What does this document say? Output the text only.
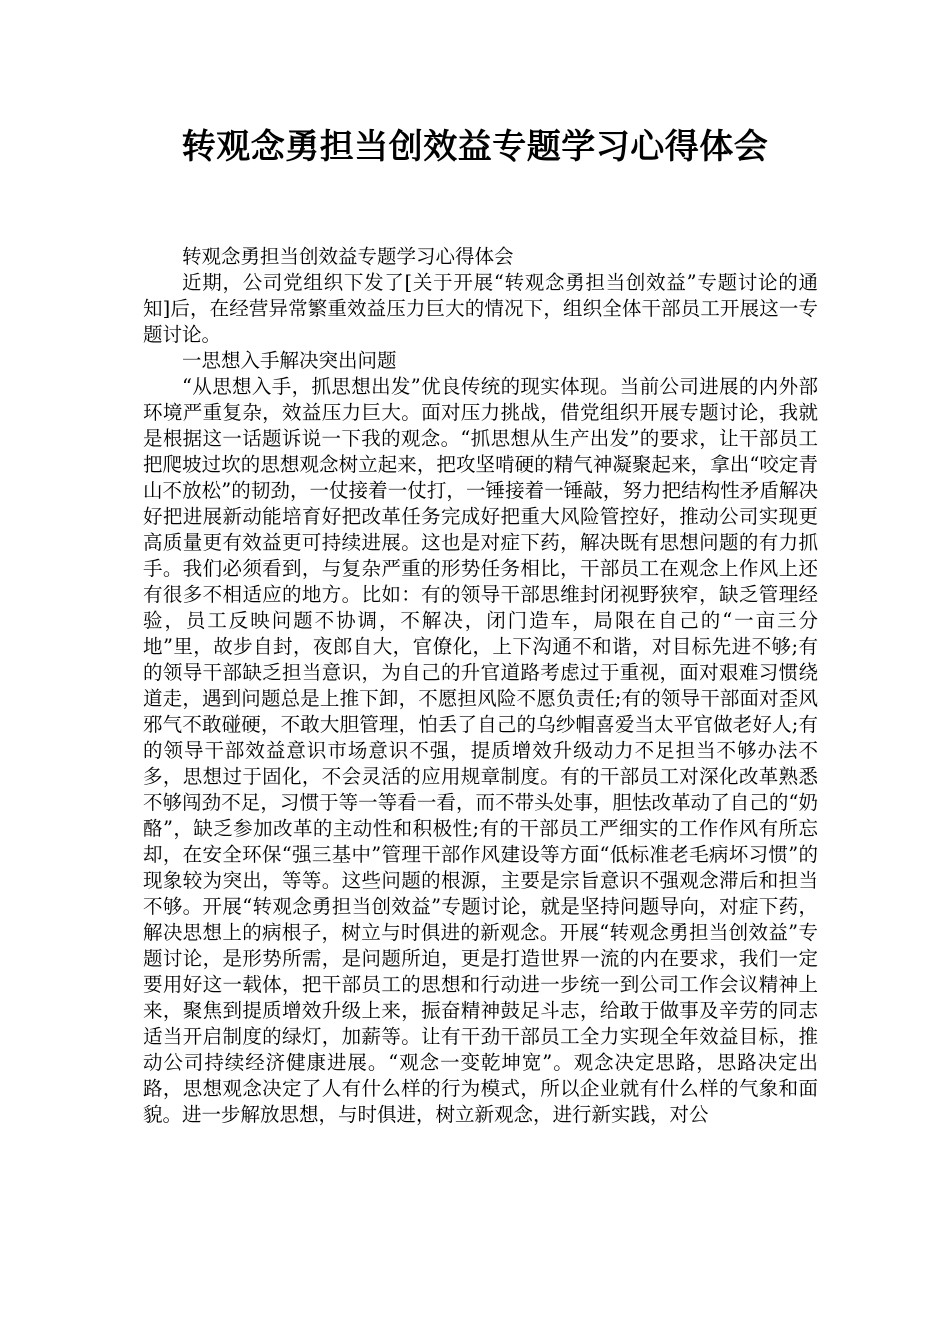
转观念勇担当创效益专题学习心得体会

转观念勇担当创效益专题学习心得体会

近期，公司党组织下发了[关于开展“转观念勇担当创效益”专题讨论的通知]后，在经营异常繁重效益压力巨大的情况下，组织全体干部员工开展这一专题讨论。

一思想入手解决突出问题

“从思想入手，抓思想出发”优良传统的现实体现。当前公司进展的内外部环境严重复杂，效益压力巨大。面对压力挑战，借党组织开展专题讨论，我就是根据这一话题诉说一下我的观念。“抓思想从生产出发”的要求，让干部员工把爬坡过坎的思想观念树立起来，把攻坚啃硬的精气神凝聚起来，拿出“咬定青山不放松”的韧劲，一仗接着一仗打，一锤接着一锤敲，努力把结构性矛盾解决好把进展新动能培育好把改革任务完成好把重大风险管控好，推动公司实现更高质量更有效益更可持续进展。这也是对症下药，解决既有思想问题的有力抓手。我们必须看到，与复杂严重的形势任务相比，干部员工在观念上作风上还有很多不相适应的地方。比如：有的领导干部思维封闭视野狭窄，缺乏管理经验，员工反映问题不协调，不解决，闭门造车，局限在自己的“一亩三分地”里，故步自封，夜郎自大，官僚化，上下沟通不和谐，对目标先进不够;有的领导干部缺乏担当意识，为自己的升官道路考虑过于重视，面对艰难习惯绕道走，遇到问题总是上推下卸，不愿担风险不愿负责任;有的领导干部面对歪风邪气不敢碰硬，不敢大胆管理，怕丢了自己的乌纱帽喜爱当太平官做老好人;有的领导干部效益意识市场意识不强，提质增效升级动力不足担当不够办法不多，思想过于固化，不会灵活的应用规章制度。有的干部员工对深化改革熟悉不够闯劲不足，习惯于等一等看一看，而不带头处事，胆怯改革动了自己的“奶酪”，缺乏参加改革的主动性和积极性;有的干部员工严细实的工作作风有所忘却，在安全环保“强三基中”管理干部作风建设等方面“低标准老毛病坏习惯”的现象较为突出，等等。这些问题的根源，主要是宗旨意识不强观念滞后和担当不够。开展“转观念勇担当创效益”专题讨论，就是坚持问题导向，对症下药，解决思想上的病根子，树立与时俱进的新观念。开展“转观念勇担当创效益”专题讨论，是形势所需，是问题所迫，更是打造世界一流的内在要求，我们一定要用好这一载体，把干部员工的思想和行动进一步统一到公司工作会议精神上来，聚焦到提质增效升级上来，振奋精神鼓足斗志，给敢于做事及辛劳的同志适当开启制度的绿灯，加薪等。让有干劲干部员工全力实现全年效益目标，推动公司持续经济健康进展。“观念一变乾坤宽”。观念决定思路，思路决定出路，思想观念决定了人有什么样的行为模式，所以企业就有什么样的气象和面貌。进一步解放思想，与时俱进，树立新观念，进行新实践，对公
